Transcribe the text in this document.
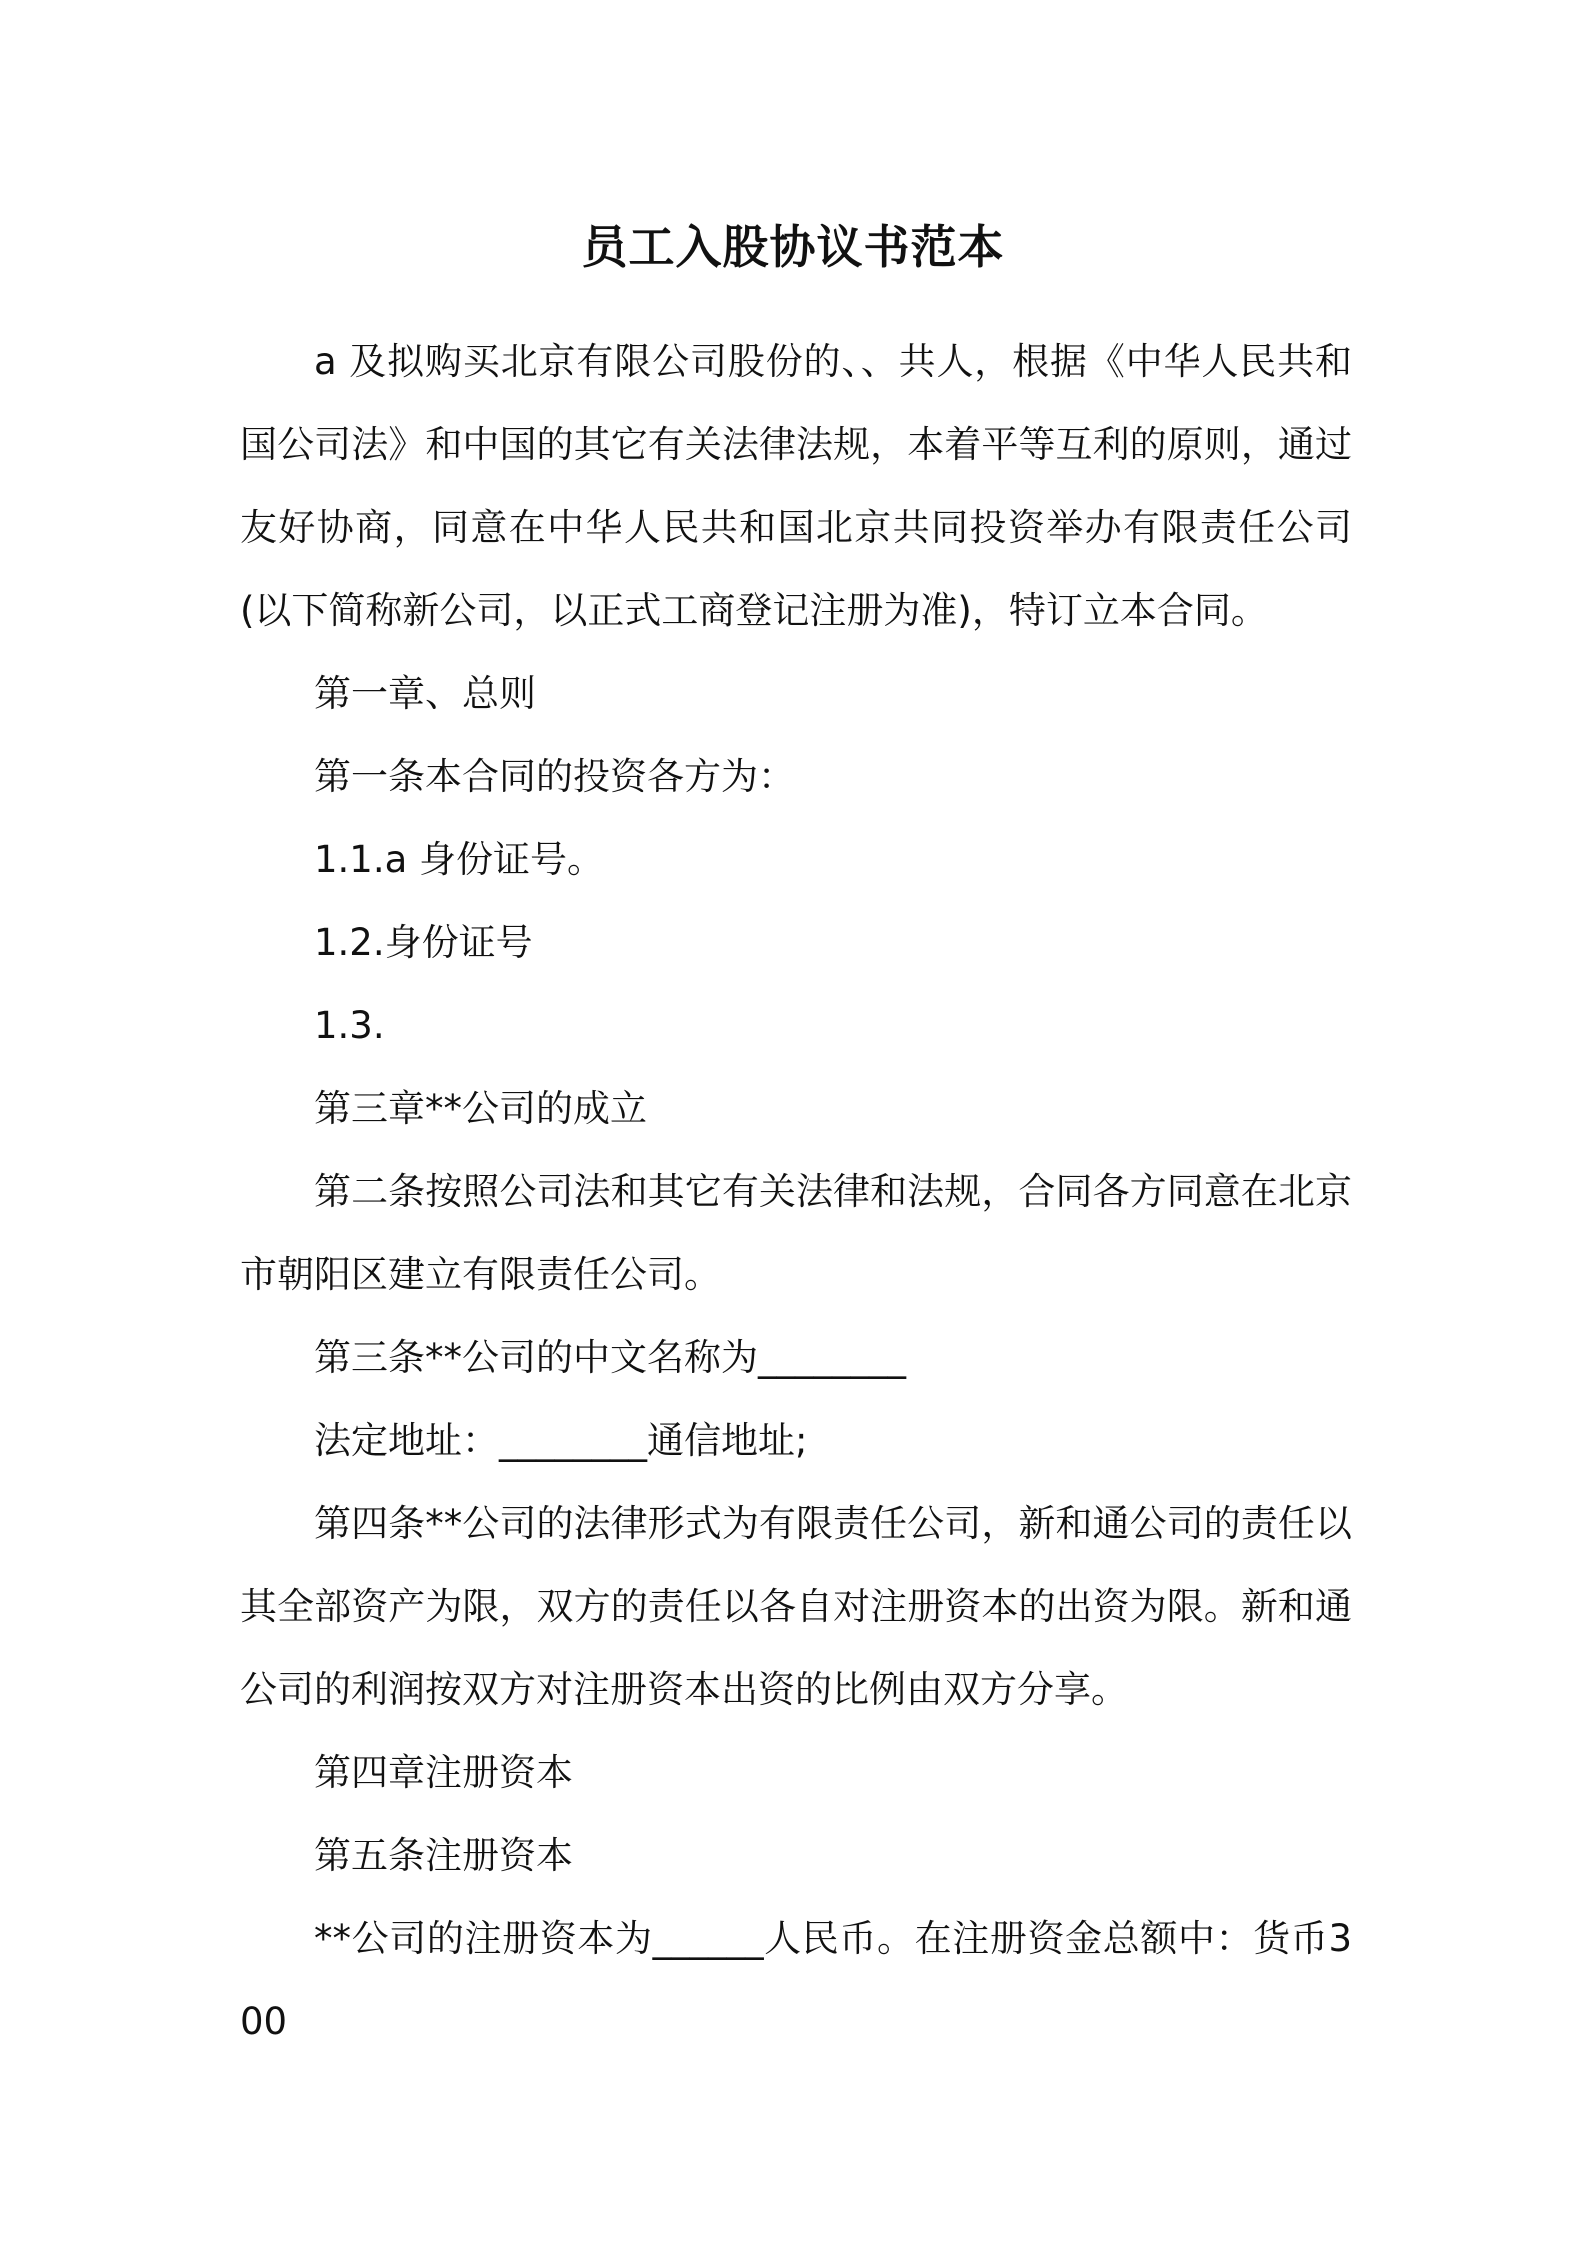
员工入股协议书范本

a 及拟购买北京有限公司股份的、、共人，根据《中华人民共和国公司法》和中国的其它有关法律法规，本着平等互利的原则，通过友好协商，同意在中华人民共和国北京共同投资举办有限责任公司(以下简称新公司，以正式工商登记注册为准)，特订立本合同。

第一章、总则

第一条本合同的投资各方为：

1.1.a 身份证号。

1.2.身份证号

1.3.

第三章**公司的成立

第二条按照公司法和其它有关法律和法规，合同各方同意在北京市朝阳区建立有限责任公司。

第三条**公司的中文名称为________

法定地址：________通信地址;

第四条**公司的法律形式为有限责任公司，新和通公司的责任以其全部资产为限，双方的责任以各自对注册资本的出资为限。新和通公司的利润按双方对注册资本出资的比例由双方分享。

第四章注册资本

第五条注册资本

**公司的注册资本为______人民币。在注册资金总额中：货币300
